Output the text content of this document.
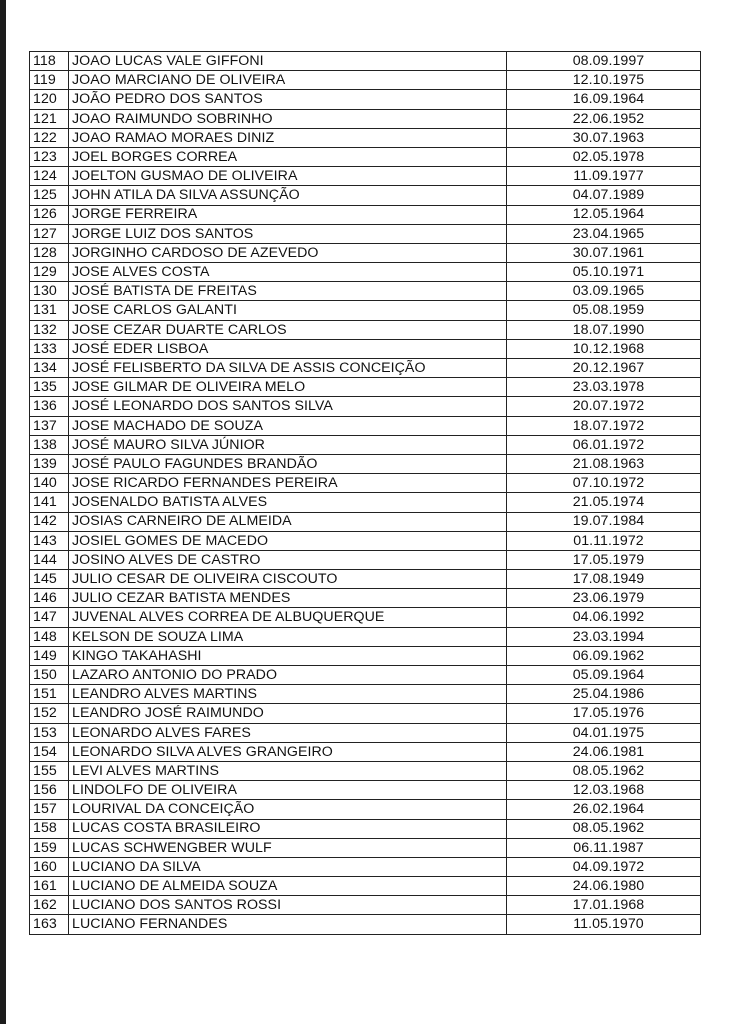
118	JOAO LUCAS VALE GIFFONI	08.09.1997
119	JOAO MARCIANO DE OLIVEIRA	12.10.1975
120	JOÃO PEDRO DOS SANTOS	16.09.1964
121	JOAO RAIMUNDO SOBRINHO	22.06.1952
122	JOAO RAMAO MORAES DINIZ	30.07.1963
123	JOEL BORGES CORREA	02.05.1978
124	JOELTON GUSMAO DE OLIVEIRA	11.09.1977
125	JOHN ATILA DA SILVA ASSUNÇÃO	04.07.1989
126	JORGE FERREIRA	12.05.1964
127	JORGE LUIZ DOS SANTOS	23.04.1965
128	JORGINHO CARDOSO DE AZEVEDO	30.07.1961
129	JOSE ALVES COSTA	05.10.1971
130	JOSÉ BATISTA DE FREITAS	03.09.1965
131	JOSE CARLOS GALANTI	05.08.1959
132	JOSE CEZAR DUARTE CARLOS	18.07.1990
133	JOSÉ EDER LISBOA	10.12.1968
134	JOSÉ FELISBERTO DA SILVA DE ASSIS CONCEIÇÃO	20.12.1967
135	JOSE GILMAR DE OLIVEIRA MELO	23.03.1978
136	JOSÉ LEONARDO DOS SANTOS SILVA	20.07.1972
137	JOSE MACHADO DE SOUZA	18.07.1972
138	JOSÉ MAURO SILVA JÚNIOR	06.01.1972
139	JOSÉ PAULO FAGUNDES BRANDÃO	21.08.1963
140	JOSE RICARDO FERNANDES PEREIRA	07.10.1972
141	JOSENALDO BATISTA ALVES	21.05.1974
142	JOSIAS CARNEIRO DE ALMEIDA	19.07.1984
143	JOSIEL GOMES DE MACEDO	01.11.1972
144	JOSINO ALVES DE CASTRO	17.05.1979
145	JULIO CESAR DE OLIVEIRA CISCOUTO	17.08.1949
146	JULIO CEZAR BATISTA MENDES	23.06.1979
147	JUVENAL ALVES CORREA DE ALBUQUERQUE	04.06.1992
148	KELSON DE SOUZA LIMA	23.03.1994
149	KINGO TAKAHASHI	06.09.1962
150	LAZARO ANTONIO DO PRADO	05.09.1964
151	LEANDRO ALVES MARTINS	25.04.1986
152	LEANDRO JOSÉ RAIMUNDO	17.05.1976
153	LEONARDO ALVES FARES	04.01.1975
154	LEONARDO SILVA ALVES GRANGEIRO	24.06.1981
155	LEVI ALVES MARTINS	08.05.1962
156	LINDOLFO DE OLIVEIRA	12.03.1968
157	LOURIVAL DA CONCEIÇÃO	26.02.1964
158	LUCAS COSTA BRASILEIRO	08.05.1962
159	LUCAS SCHWENGBER WULF	06.11.1987
160	LUCIANO DA SILVA	04.09.1972
161	LUCIANO DE ALMEIDA SOUZA	24.06.1980
162	LUCIANO DOS SANTOS ROSSI	17.01.1968
163	LUCIANO FERNANDES	11.05.1970
